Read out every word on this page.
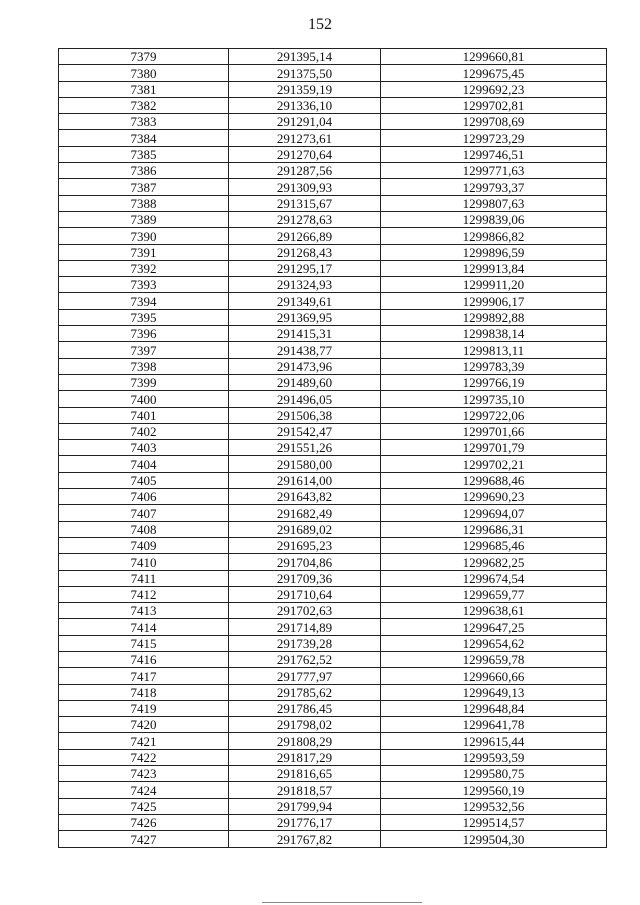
152
7379	291395,14	1299660,81
7380	291375,50	1299675,45
7381	291359,19	1299692,23
7382	291336,10	1299702,81
7383	291291,04	1299708,69
7384	291273,61	1299723,29
7385	291270,64	1299746,51
7386	291287,56	1299771,63
7387	291309,93	1299793,37
7388	291315,67	1299807,63
7389	291278,63	1299839,06
7390	291266,89	1299866,82
7391	291268,43	1299896,59
7392	291295,17	1299913,84
7393	291324,93	1299911,20
7394	291349,61	1299906,17
7395	291369,95	1299892,88
7396	291415,31	1299838,14
7397	291438,77	1299813,11
7398	291473,96	1299783,39
7399	291489,60	1299766,19
7400	291496,05	1299735,10
7401	291506,38	1299722,06
7402	291542,47	1299701,66
7403	291551,26	1299701,79
7404	291580,00	1299702,21
7405	291614,00	1299688,46
7406	291643,82	1299690,23
7407	291682,49	1299694,07
7408	291689,02	1299686,31
7409	291695,23	1299685,46
7410	291704,86	1299682,25
7411	291709,36	1299674,54
7412	291710,64	1299659,77
7413	291702,63	1299638,61
7414	291714,89	1299647,25
7415	291739,28	1299654,62
7416	291762,52	1299659,78
7417	291777,97	1299660,66
7418	291785,62	1299649,13
7419	291786,45	1299648,84
7420	291798,02	1299641,78
7421	291808,29	1299615,44
7422	291817,29	1299593,59
7423	291816,65	1299580,75
7424	291818,57	1299560,19
7425	291799,94	1299532,56
7426	291776,17	1299514,57
7427	291767,82	1299504,30
